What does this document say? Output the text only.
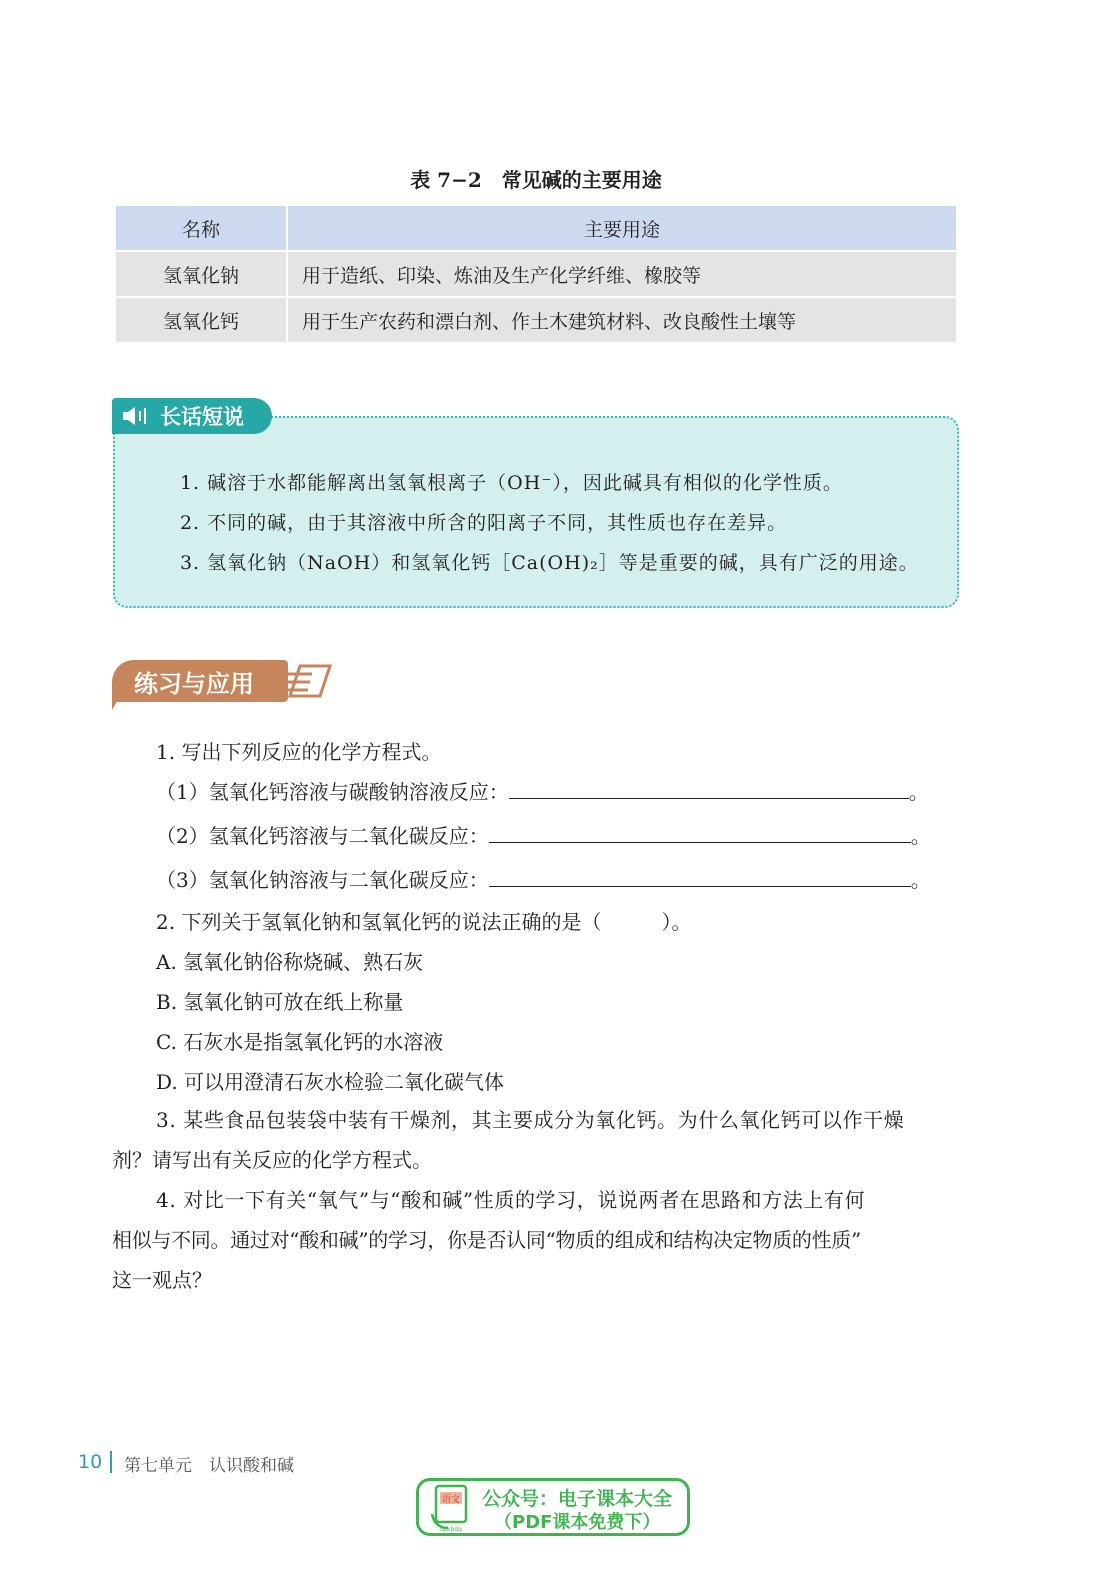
表 7−2　常见碱的主要用途
名称	主要用途
氢氧化钠	用于造纸、印染、炼油及生产化学纤维、橡胶等
氢氧化钙	用于生产农药和漂白剂、作土木建筑材料、改良酸性土壤等
长话短说
1. 碱溶于水都能解离出氢氧根离子（OH⁻），因此碱具有相似的化学性质。
2. 不同的碱，由于其溶液中所含的阳离子不同，其性质也存在差异。
3. 氢氧化钠（NaOH）和氢氧化钙［Ca(OH)₂］等是重要的碱，具有广泛的用途。
练习与应用
1. 写出下列反应的化学方程式。
（1）氢氧化钙溶液与碳酸钠溶液反应：	。
（2）氢氧化钙溶液与二氧化碳反应：	。
（3）氢氧化钠溶液与二氧化碳反应：	。
2. 下列关于氢氧化钠和氢氧化钙的说法正确的是（　　　）。
A. 氢氧化钠俗称烧碱、熟石灰
B. 氢氧化钠可放在纸上称量
C. 石灰水是指氢氧化钙的水溶液
D. 可以用澄清石灰水检验二氧化碳气体
3. 某些食品包装袋中装有干燥剂，其主要成分为氧化钙。为什么氧化钙可以作干燥
剂？请写出有关反应的化学方程式。
4. 对比一下有关“氧气”与“酸和碱”性质的学习，说说两者在思路和方法上有何
相似与不同。通过对“酸和碱”的学习，你是否认同“物质的组成和结构决定物质的性质”
这一观点？
10 第七单元　认识酸和碱
语文
dzkbdq
公众号：电子课本大全
（PDF课本免费下）
